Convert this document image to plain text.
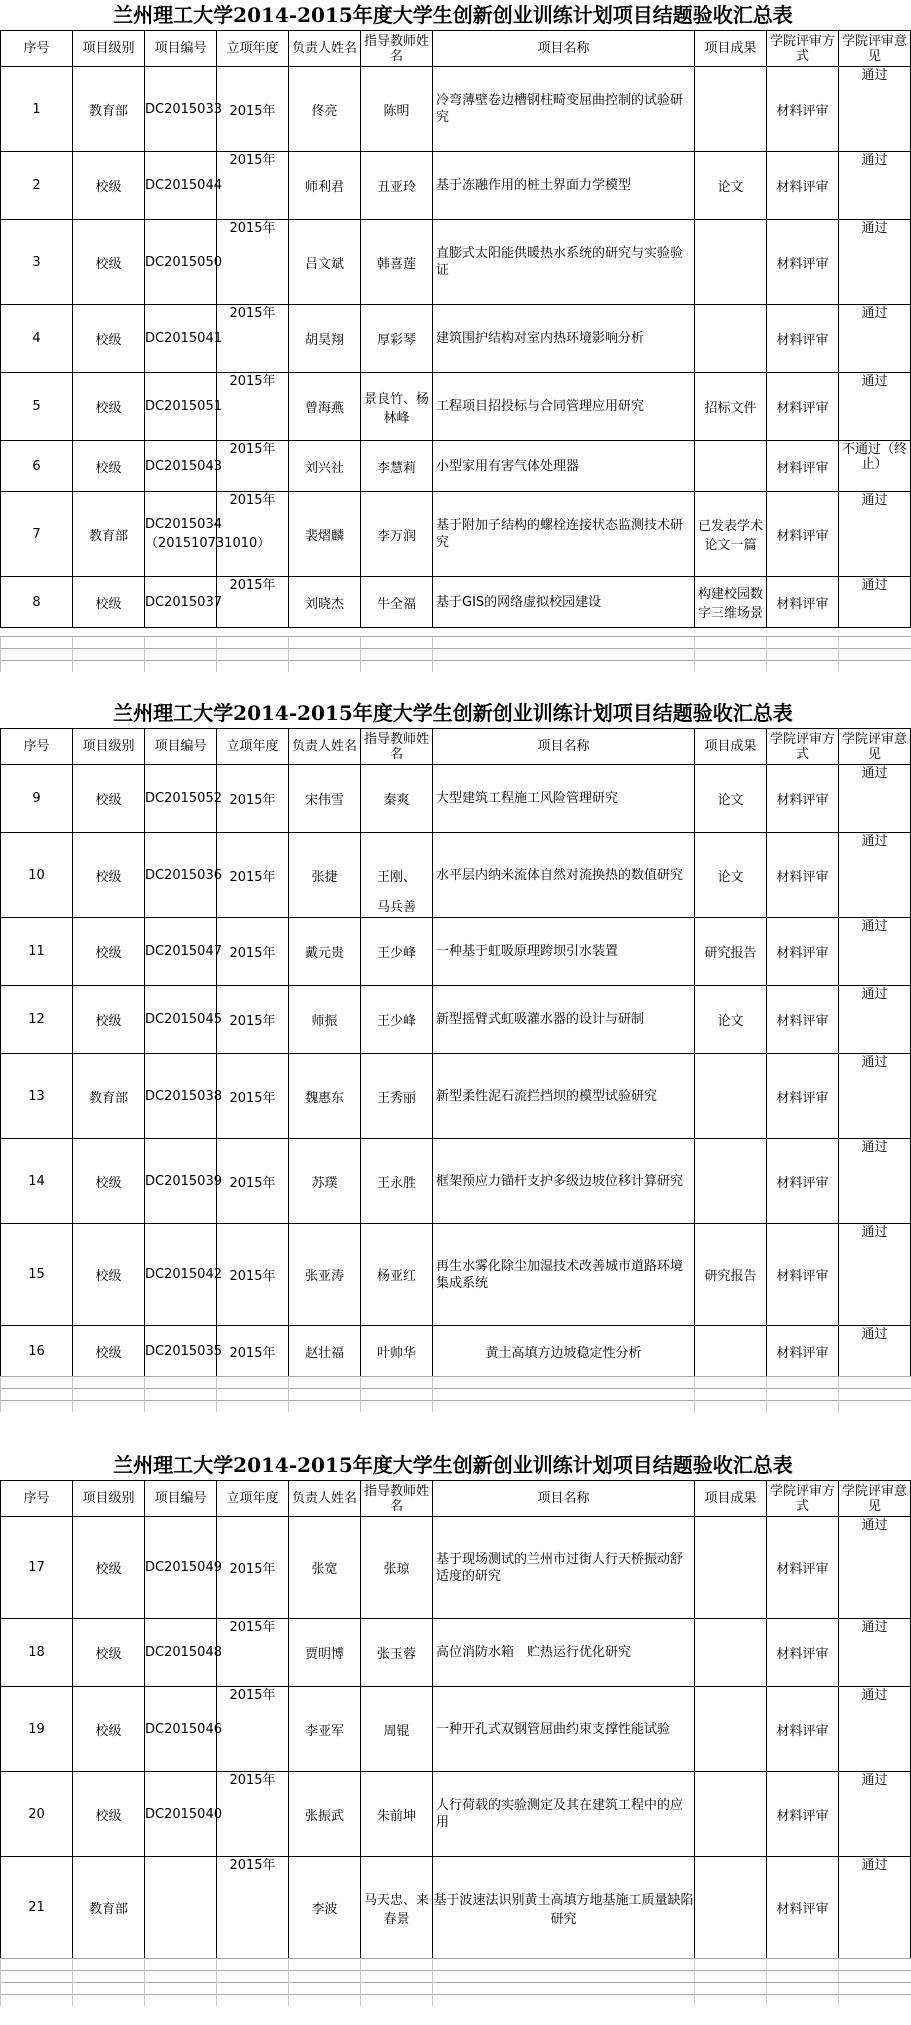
兰州理工大学2014-2015年度大学生创新创业训练计划项目结题验收汇总表
序号	项目级别	项目编号	立项年度	负责人姓名	指导教师姓名	项目名称	项目成果	学院评审方式	学院评审意见
1	教育部	DC2015033	2015年	佟亮	陈明	冷弯薄壁卷边槽钢柱畸变屈曲控制的试验研究		材料评审	通过

2	校级	DC2015044	2015年	师利君	丑亚玲	基于冻融作用的桩土界面力学模型	论文	材料评审	通过

3	校级	DC2015050	2015年	吕文斌	韩喜莲	直膨式太阳能供暖热水系统的研究与实验验证		材料评审	通过

4	校级	DC2015041	2015年	胡昊翔	厚彩琴	建筑围护结构对室内热环境影响分析		材料评审	通过

5	校级	DC2015051	2015年	曾海燕	景良竹、杨林峰	工程项目招投标与合同管理应用研究	招标文件	材料评审	通过

6	校级	DC2015043	2015年	刘兴社	李慧莉	小型家用有害气体处理器		材料评审	不通过（终止）

7	教育部	DC2015034（201510731010）	2015年	裴熠麟	李万润	基于附加子结构的螺栓连接状态监测技术研究	已发表学术论文一篇	材料评审	通过

8	校级	DC2015037	2015年	刘晓杰	牛全福	基于GIS的网络虚拟校园建设	构建校园数字三维场景	材料评审	通过

兰州理工大学2014-2015年度大学生创新创业训练计划项目结题验收汇总表
序号	项目级别	项目编号	立项年度	负责人姓名	指导教师姓名	项目名称	项目成果	学院评审方式	学院评审意见
9	校级	DC2015052	2015年	宋伟雪	秦爽	大型建筑工程施工风险管理研究	论文	材料评审	通过

10	校级	DC2015036	2015年	张捷	王刚、
马兵善	水平层内纳米流体自然对流换热的数值研究	论文	材料评审	通过

11	校级	DC2015047	2015年	戴元贵	王少峰	一种基于虹吸原理跨坝引水装置	研究报告	材料评审	通过

12	校级	DC2015045	2015年	师振	王少峰	新型摇臂式虹吸灌水器的设计与研制	论文	材料评审	通过

13	教育部	DC2015038	2015年	魏惠东	王秀丽	新型柔性泥石流拦挡坝的模型试验研究		材料评审	通过

14	校级	DC2015039	2015年	苏璞	王永胜	框架预应力锚杆支护多级边坡位移计算研究		材料评审	通过

15	校级	DC2015042	2015年	张亚涛	杨亚红	再生水雾化除尘加湿技术改善城市道路环境集成系统	研究报告	材料评审	通过

16	校级	DC2015035	2015年	赵壮福	叶帅华	黄土高填方边坡稳定性分析		材料评审	通过

兰州理工大学2014-2015年度大学生创新创业训练计划项目结题验收汇总表
序号	项目级别	项目编号	立项年度	负责人姓名	指导教师姓名	项目名称	项目成果	学院评审方式	学院评审意见
17	校级	DC2015049	2015年	张宽	张琼	基于现场测试的兰州市过街人行天桥振动舒适度的研究		材料评审	通过

18	校级	DC2015048	2015年	贾明博	张玉蓉	高位消防水箱　贮热运行优化研究		材料评审	通过

19	校级	DC2015046	2015年	李亚军	周锟	一种开孔式双钢管屈曲约束支撑性能试验		材料评审	通过

20	校级	DC2015040	2015年	张振武	朱前坤	人行荷载的实验测定及其在建筑工程中的应用		材料评审	通过

21	教育部		2015年	李波	马天忠、来春景	基于波速法识别黄土高填方地基施工质量缺陷研究		材料评审	通过
